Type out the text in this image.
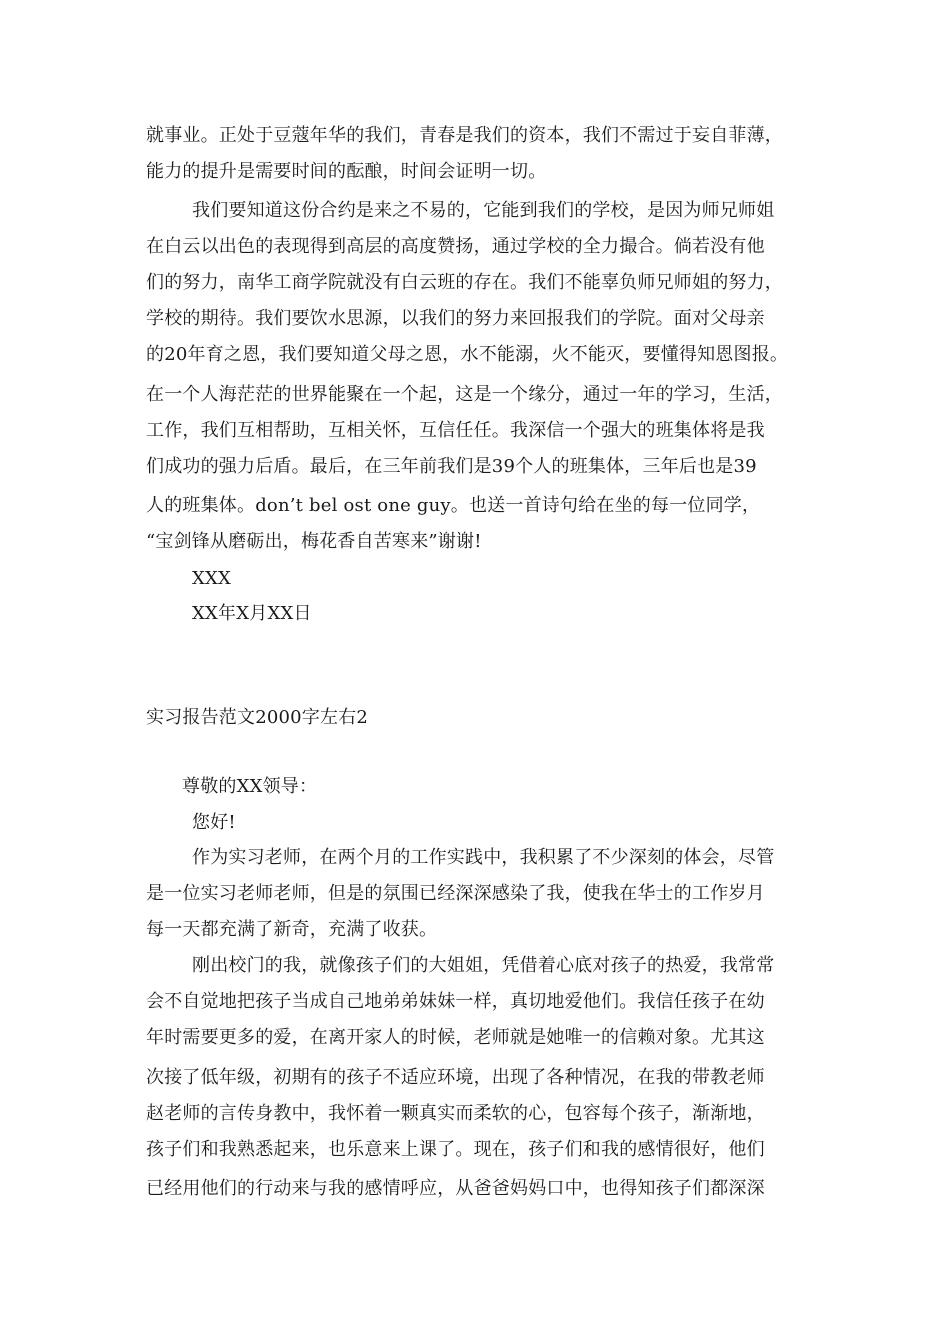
就事业。正处于豆蔻年华的我们，青春是我们的资本，我们不需过于妄自菲薄，
能力的提升是需要时间的酝酿，时间会证明一切。
我们要知道这份合约是来之不易的，它能到我们的学校，是因为师兄师姐
在白云以出色的表现得到高层的高度赞扬，通过学校的全力撮合。倘若没有他
们的努力，南华工商学院就没有白云班的存在。我们不能辜负师兄师姐的努力，
学校的期待。我们要饮水思源，以我们的努力来回报我们的学院。面对父母亲
的20年育之恩，我们要知道父母之恩，水不能溺，火不能灭，要懂得知恩图报。
在一个人海茫茫的世界能聚在一个起，这是一个缘分，通过一年的学习，生活，
工作，我们互相帮助，互相关怀，互信任任。我深信一个强大的班集体将是我
们成功的强力后盾。最后，在三年前我们是39个人的班集体，三年后也是39
人的班集体。don’t bel ost one guy。也送一首诗句给在坐的每一位同学，
“宝剑锋从磨砺出，梅花香自苦寒来”谢谢!
XXX
XX年X月XX日
实习报告范文2000字左右2
尊敬的XX领导：
您好!
作为实习老师，在两个月的工作实践中，我积累了不少深刻的体会，尽管
是一位实习老师老师，但是的氛围已经深深感染了我，使我在华士的工作岁月
每一天都充满了新奇，充满了收获。
刚出校门的我，就像孩子们的大姐姐，凭借着心底对孩子的热爱，我常常
会不自觉地把孩子当成自己地弟弟妹妹一样，真切地爱他们。我信任孩子在幼
年时需要更多的爱，在离开家人的时候，老师就是她唯一的信赖对象。尤其这
次接了低年级，初期有的孩子不适应环境，出现了各种情况，在我的带教老师
赵老师的言传身教中，我怀着一颗真实而柔软的心，包容每个孩子，渐渐地，
孩子们和我熟悉起来，也乐意来上课了。现在，孩子们和我的感情很好，他们
已经用他们的行动来与我的感情呼应，从爸爸妈妈口中，也得知孩子们都深深
